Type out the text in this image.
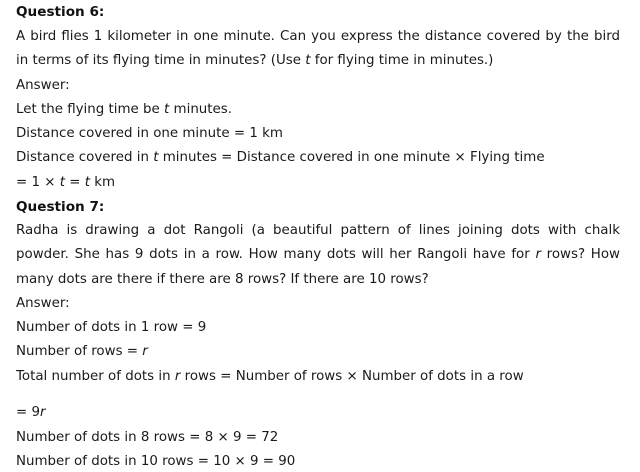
Question 6:
A bird flies 1 kilometer in one minute. Can you express the distance covered by the bird
in terms of its flying time in minutes? (Use t for flying time in minutes.)
Answer:
Let the flying time be t minutes.
Distance covered in one minute = 1 km
Distance covered in t minutes = Distance covered in one minute × Flying time
= 1 × t = t km
Question 7:
Radha is drawing a dot Rangoli (a beautiful pattern of lines joining dots with chalk
powder. She has 9 dots in a row. How many dots will her Rangoli have for r rows? How
many dots are there if there are 8 rows? If there are 10 rows?
Answer:
Number of dots in 1 row = 9
Number of rows = r
Total number of dots in r rows = Number of rows × Number of dots in a row
= 9r
Number of dots in 8 rows = 8 × 9 = 72
Number of dots in 10 rows = 10 × 9 = 90
